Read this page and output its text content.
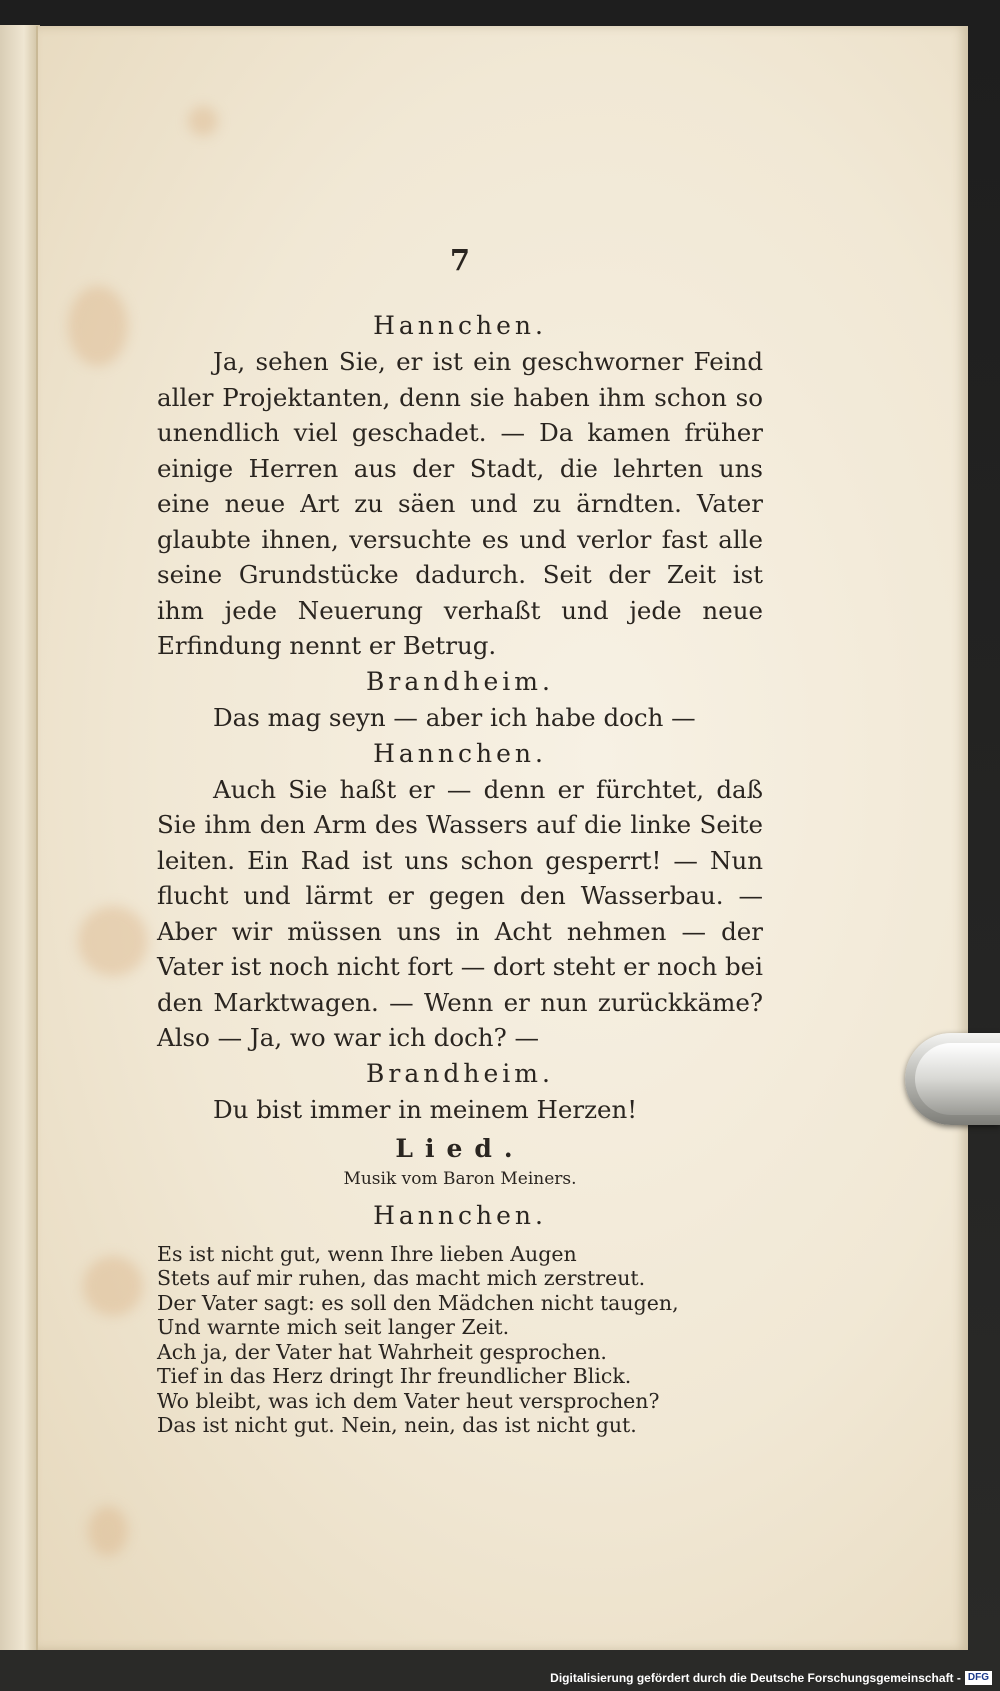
7
Hannchen.

Ja, sehen Sie, er ist ein geschworner Feind aller Projektanten, denn sie haben ihm schon so unendlich viel geschadet. — Da kamen früher einige Herren aus der Stadt, die lehrten uns eine neue Art zu säen und zu ärndten. Vater glaubte ihnen, versuchte es und verlor fast alle seine Grundstücke dadurch. Seit der Zeit ist ihm jede Neuerung verhaßt und jede neue Erfindung nennt er Betrug.

Brandheim.

Das mag seyn — aber ich habe doch —

Hannchen.

Auch Sie haßt er — denn er fürchtet, daß Sie ihm den Arm des Wassers auf die linke Seite leiten. Ein Rad ist uns schon gesperrt! — Nun flucht und lärmt er gegen den Wasserbau. — Aber wir müssen uns in Acht nehmen — der Vater ist noch nicht fort — dort steht er noch bei den Marktwagen. — Wenn er nun zurückkäme? Also — Ja, wo war ich doch? —

Brandheim.

Du bist immer in meinem Herzen!

Lied.
Musik vom Baron Meiners.
Hannchen.
Es ist nicht gut, wenn Ihre lieben Augen
Stets auf mir ruhen, das macht mich zerstreut.
Der Vater sagt: es soll den Mädchen nicht taugen,
Und warnte mich seit langer Zeit.
Ach ja, der Vater hat Wahrheit gesprochen.
Tief in das Herz dringt Ihr freundlicher Blick.
Wo bleibt, was ich dem Vater heut versprochen?
Das ist nicht gut. Nein, nein, das ist nicht gut.
Digitalisierung gefördert durch die Deutsche Forschungsgemeinschaft - DFG
